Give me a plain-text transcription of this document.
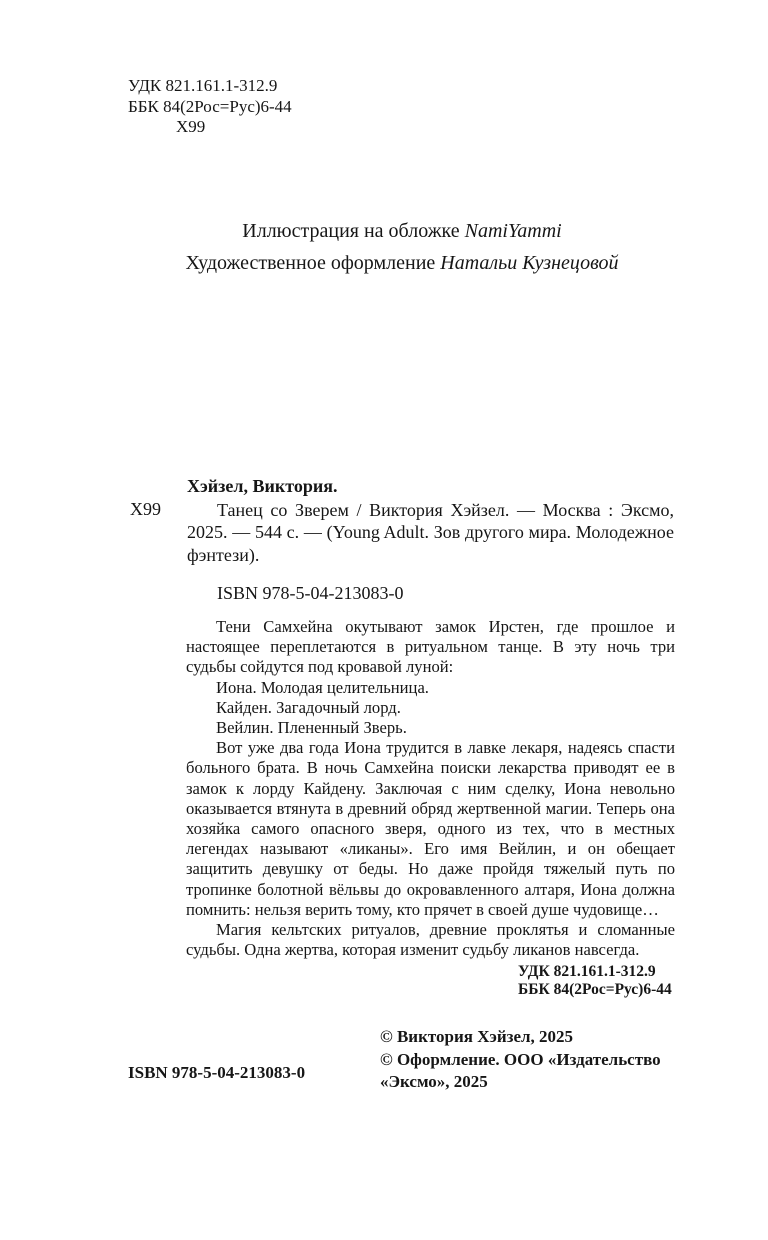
УДК 821.161.1-312.9
ББК 84(2Рос=Рус)6-44
Х99
Иллюстрация на обложке NamiYammi
Художественное оформление Натальи Кузнецовой
Хэйзел, Виктория.
Х99	Танец со Зверем / Виктория Хэйзел. — Москва : Эксмо, 2025. — 544 с. — (Young Adult. Зов другого мира. Молодежное фэнтези).
ISBN 978-5-04-213083-0

Тени Самхейна окутывают замок Ирстен, где прошлое и настоящее переплетаются в ритуальном танце. В эту ночь три судьбы сойдутся под кровавой луной:

Иона. Молодая целительница.

Кайден. Загадочный лорд.

Вейлин. Плененный Зверь.

Вот уже два года Иона трудится в лавке лекаря, надеясь спасти больного брата. В ночь Самхейна поиски лекарства приводят ее в замок к лорду Кайдену. Заключая с ним сделку, Иона невольно оказывается втянута в древний обряд жертвенной магии. Теперь она хозяйка самого опасного зверя, одного из тех, что в местных легендах называют «ликаны». Его имя Вейлин, и он обещает защитить девушку от беды. Но даже пройдя тяжелый путь по тропинке болотной вёльвы до окровавленного алтаря, Иона должна помнить: нельзя верить тому, кто прячет в своей душе чудовище…

Магия кельтских ритуалов, древние проклятья и сломанные судьбы. Одна жертва, которая изменит судьбу ликанов навсегда.

УДК 821.161.1-312.9
ББК 84(2Рос=Рус)6-44
© Виктория Хэйзел, 2025
© Оформление. ООО «Издательство «Эксмо», 2025
ISBN 978-5-04-213083-0
